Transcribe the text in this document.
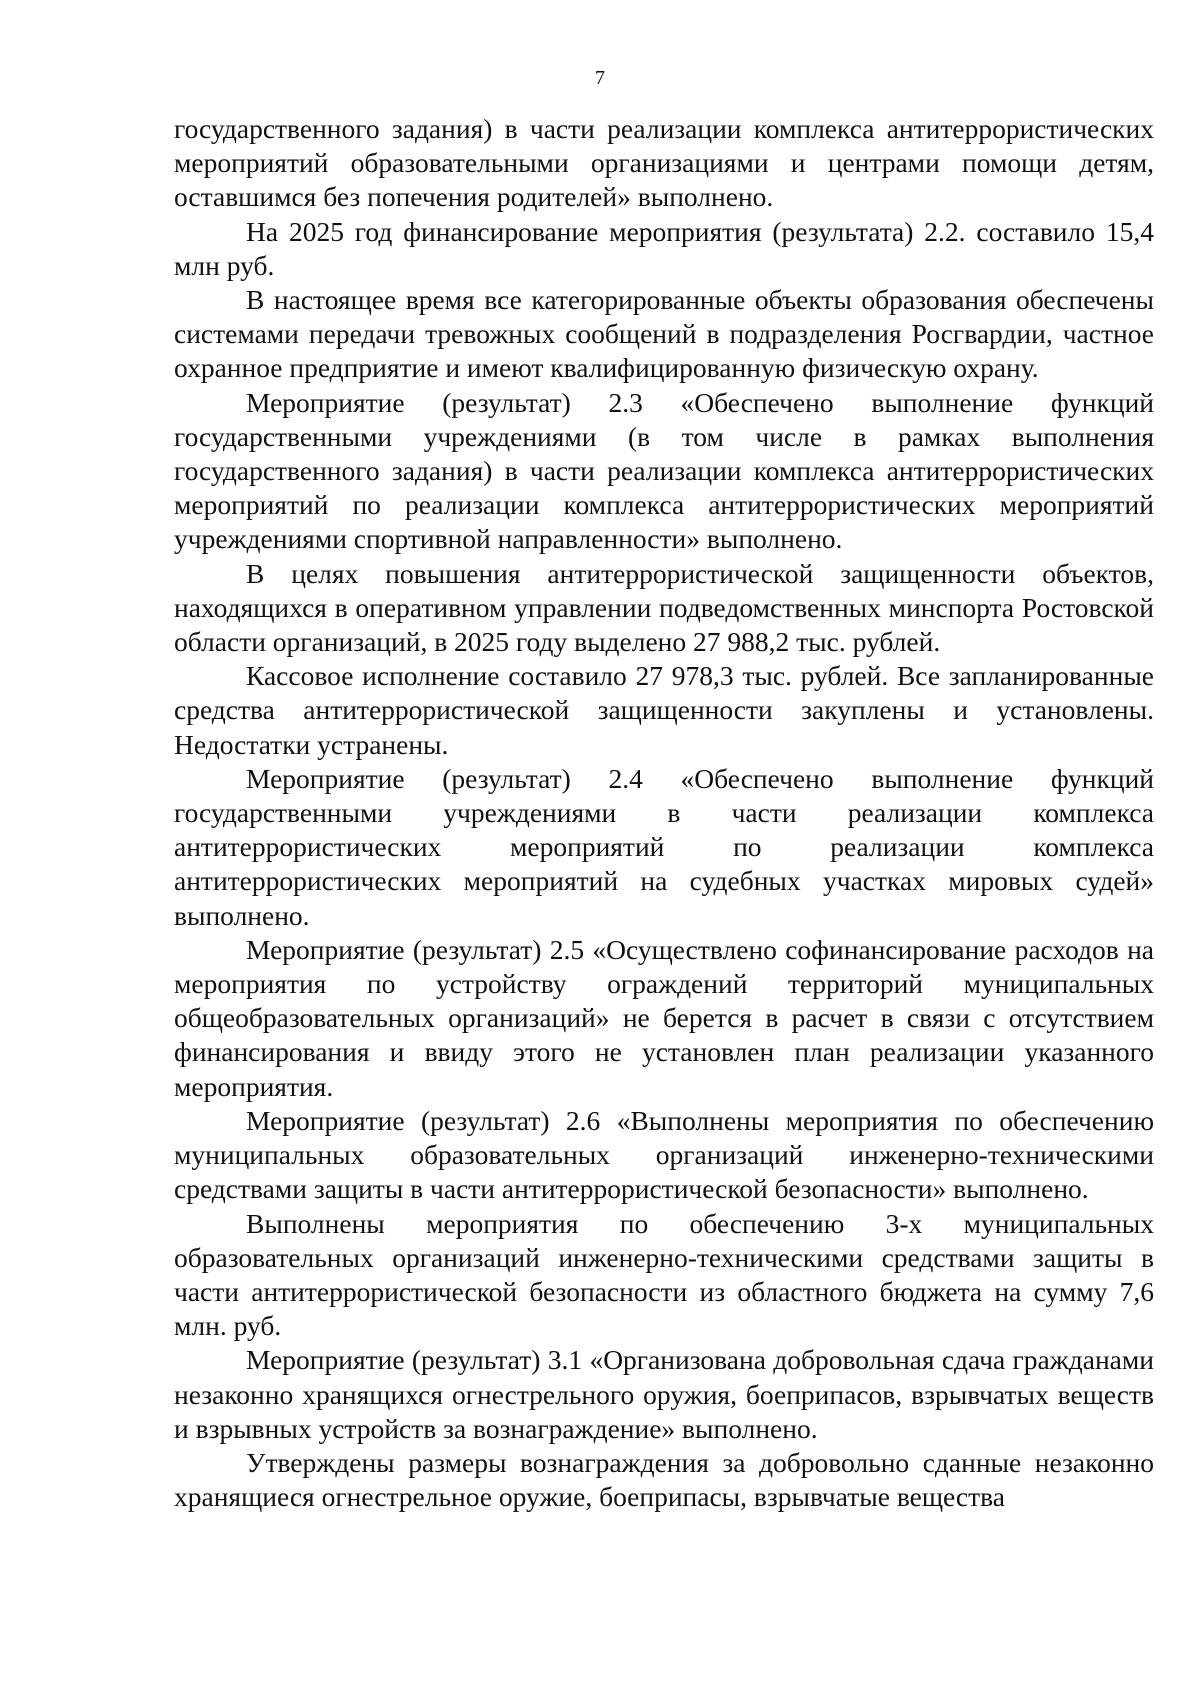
7

государственного задания) в части реализации комплекса антитеррористических мероприятий образовательными организациями и центрами помощи детям, оставшимся без попечения родителей» выполнено.

На 2025 год финансирование мероприятия (результата) 2.2. составило 15,4 млн руб.

В настоящее время все категорированные объекты образования обеспечены системами передачи тревожных сообщений в подразделения Росгвардии, частное охранное предприятие и имеют квалифицированную физическую охрану.

Мероприятие (результат) 2.3 «Обеспечено выполнение функций государственными учреждениями (в том числе в рамках выполнения государственного задания) в части реализации комплекса антитеррористических мероприятий по реализации комплекса антитеррористических мероприятий учреждениями спортивной направленности» выполнено.

В целях повышения антитеррористической защищенности объектов, находящихся в оперативном управлении подведомственных минспорта Ростовской области организаций, в 2025 году выделено 27 988,2 тыс. рублей.

Кассовое исполнение составило 27 978,3 тыс. рублей. Все запланированные средства антитеррористической защищенности закуплены и установлены. Недостатки устранены.

Мероприятие (результат) 2.4 «Обеспечено выполнение функций государственными учреждениями в части реализации комплекса антитеррористических мероприятий по реализации комплекса антитеррористических мероприятий на судебных участках мировых судей» выполнено.

Мероприятие (результат) 2.5 «Осуществлено софинансирование расходов на мероприятия по устройству ограждений территорий муниципальных общеобразовательных организаций» не берется в расчет в связи с отсутствием финансирования и ввиду этого не установлен план реализации указанного мероприятия.

Мероприятие (результат) 2.6 «Выполнены мероприятия по обеспечению муниципальных образовательных организаций инженерно-техническими средствами защиты в части антитеррористической безопасности» выполнено.

Выполнены мероприятия по обеспечению 3-х муниципальных образовательных организаций инженерно-техническими средствами защиты в части антитеррористической безопасности из областного бюджета на сумму 7,6 млн. руб.

Мероприятие (результат) 3.1 «Организована добровольная сдача гражданами незаконно хранящихся огнестрельного оружия, боеприпасов, взрывчатых веществ и взрывных устройств за вознаграждение» выполнено.

Утверждены размеры вознаграждения за добровольно сданные незаконно хранящиеся огнестрельное оружие, боеприпасы, взрывчатые вещества
